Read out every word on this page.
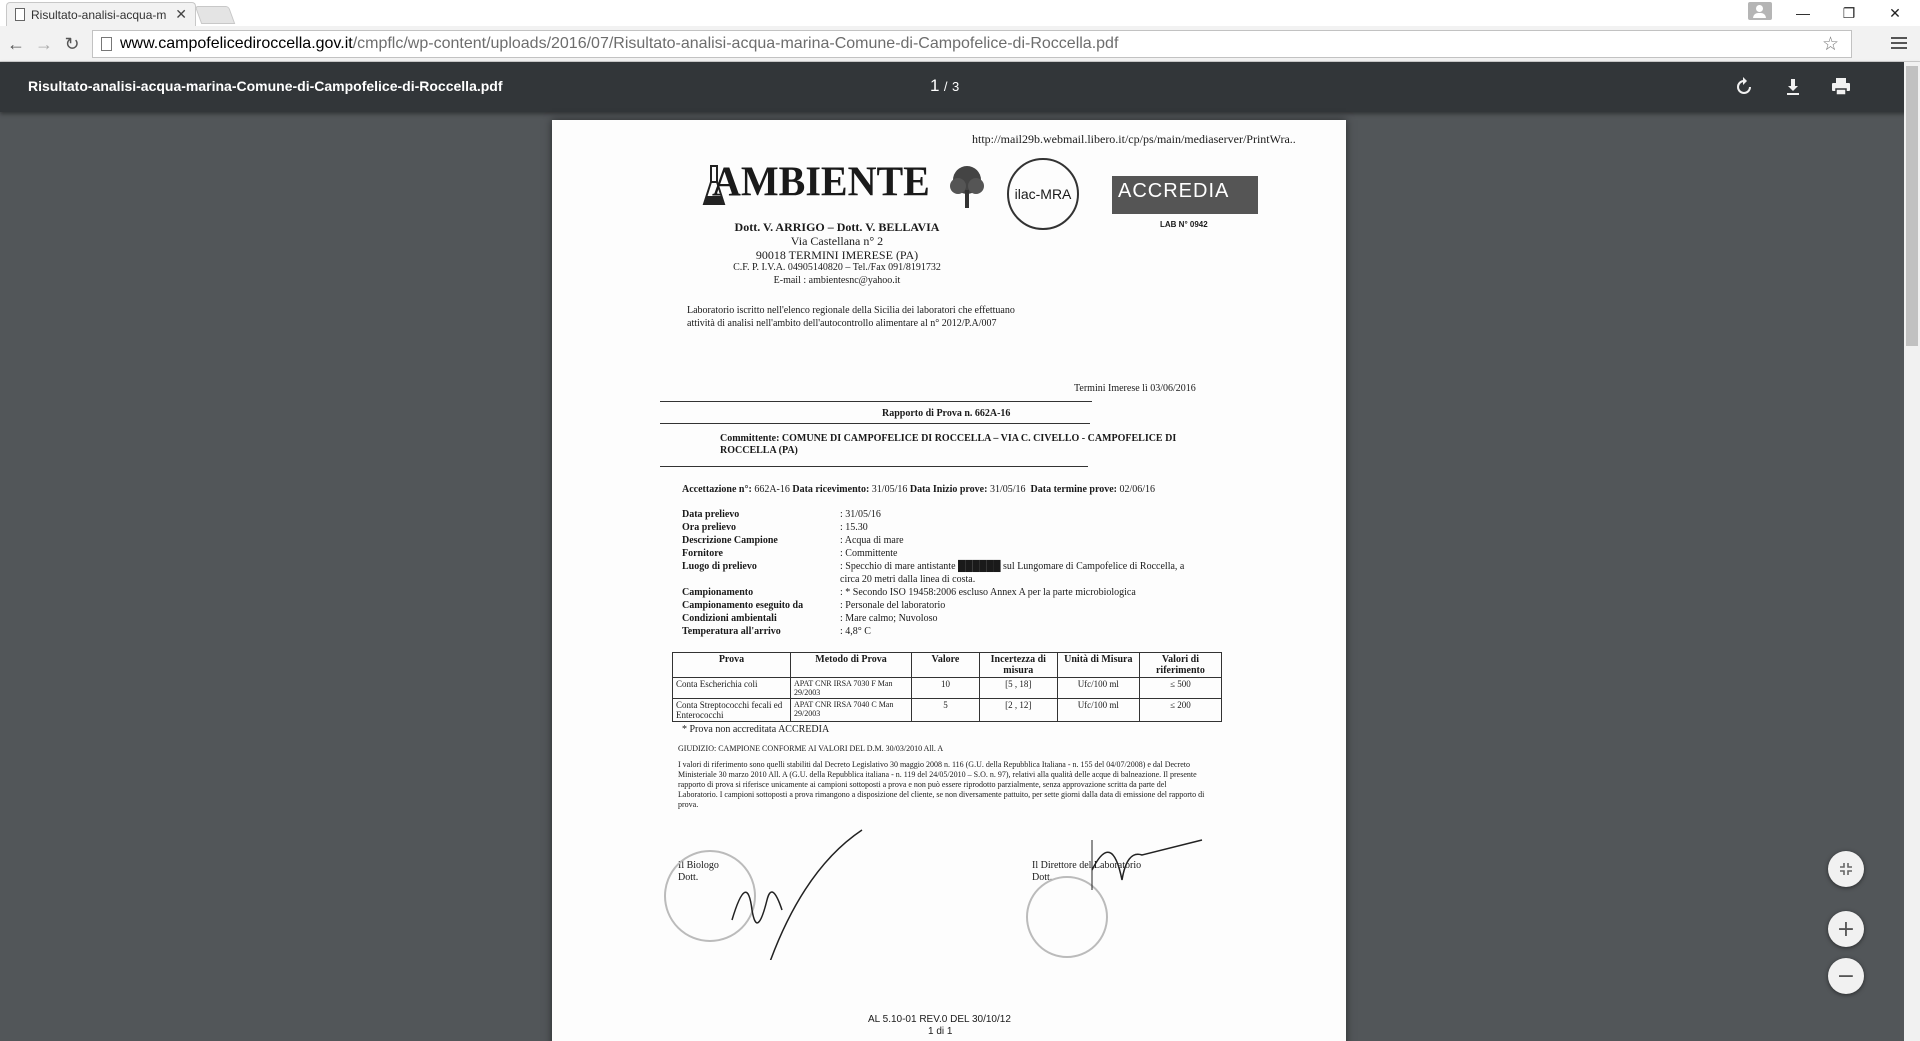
Risultato-analisi-acqua-m ✕	—	❐	✕
← → ↻	www.campofelicediroccella.gov.it /cmpflc/wp-content/uploads/2016/07/Risultato-analisi-acqua-marina-Comune-di-Campofelice-di-Roccella.pdf	☆
Risultato-analisi-acqua-marina-Comune-di-Campofelice-di-Roccella.pdf	1 / 3
http://mail29b.webmail.libero.it/cp/ps/main/mediaserver/PrintWra..
AMBIENTE	ilac-MRA	ACCREDIA
LAB N° 0942
Dott. V. ARRIGO – Dott. V. BELLAVIA
Via Castellana n° 2
90018 TERMINI IMERESE (PA)
C.F. P. I.V.A. 04905140820 – Tel./Fax 091/8191732
E-mail : ambientesnc@yahoo.it
Laboratorio iscritto nell'elenco regionale della Sicilia dei laboratori che effettuano attività di analisi nell'ambito dell'autocontrollo alimentare al n° 2012/P.A/007
Termini Imerese lì 03/06/2016
Rapporto di Prova n. 662A-16
Committente: COMUNE DI CAMPOFELICE DI ROCCELLA – VIA C. CIVELLO - CAMPOFELICE DI ROCCELLA (PA)
Accettazione n°: 662A-16 Data ricevimento: 31/05/16 Data Inizio prove: 31/05/16 Data termine prove: 02/06/16
Data prelievo	: 31/05/16
Ora prelievo	: 15.30
Descrizione Campione	: Acqua di mare
Fornitore	: Committente
Luogo di prelievo	: Specchio di mare antistante ██████ sul Lungomare di Campofelice di Roccella, a circa 20 metri dalla linea di costa.
Campionamento	: * Secondo ISO 19458:2006 escluso Annex A per la parte microbiologica
Campionamento eseguito da	: Personale del laboratorio
Condizioni ambientali	: Mare calmo; Nuvoloso
Temperatura all'arrivo	: 4,8° C
Prova	Metodo di Prova	Valore	Incertezza di misura	Unità di Misura	Valori di riferimento
Conta Escherichia coli	APAT CNR IRSA 7030 F Man 29/2003	10	[5 , 18]	Ufc/100 ml	≤ 500
Conta Streptococchi fecali ed Enterococchi	APAT CNR IRSA 7040 C Man 29/2003	5	[2 , 12]	Ufc/100 ml	≤ 200
* Prova non accreditata ACCREDIA
GIUDIZIO: CAMPIONE CONFORME AI VALORI DEL D.M. 30/03/2010 All. A
I valori di riferimento sono quelli stabiliti dal Decreto Legislativo 30 maggio 2008 n. 116 (G.U. della Repubblica Italiana - n. 155 del 04/07/2008) e dal Decreto Ministeriale 30 marzo 2010 All. A (G.U. della Repubblica italiana - n. 119 del 24/05/2010 – S.O. n. 97), relativi alla qualità delle acque di balneazione. Il presente rapporto di prova si riferisce unicamente ai campioni sottoposti a prova e non può essere riprodotto parzialmente, senza approvazione scritta da parte del Laboratorio. I campioni sottoposti a prova rimangono a disposizione del cliente, se non diversamente pattuito, per sette giorni dalla data di emissione del rapporto di prova.
Il Biologo
Dott.
Il Direttore del Laboratorio
Dott.
AL 5.10-01 REV.0 DEL 30/10/12
1 di 1
+
−
